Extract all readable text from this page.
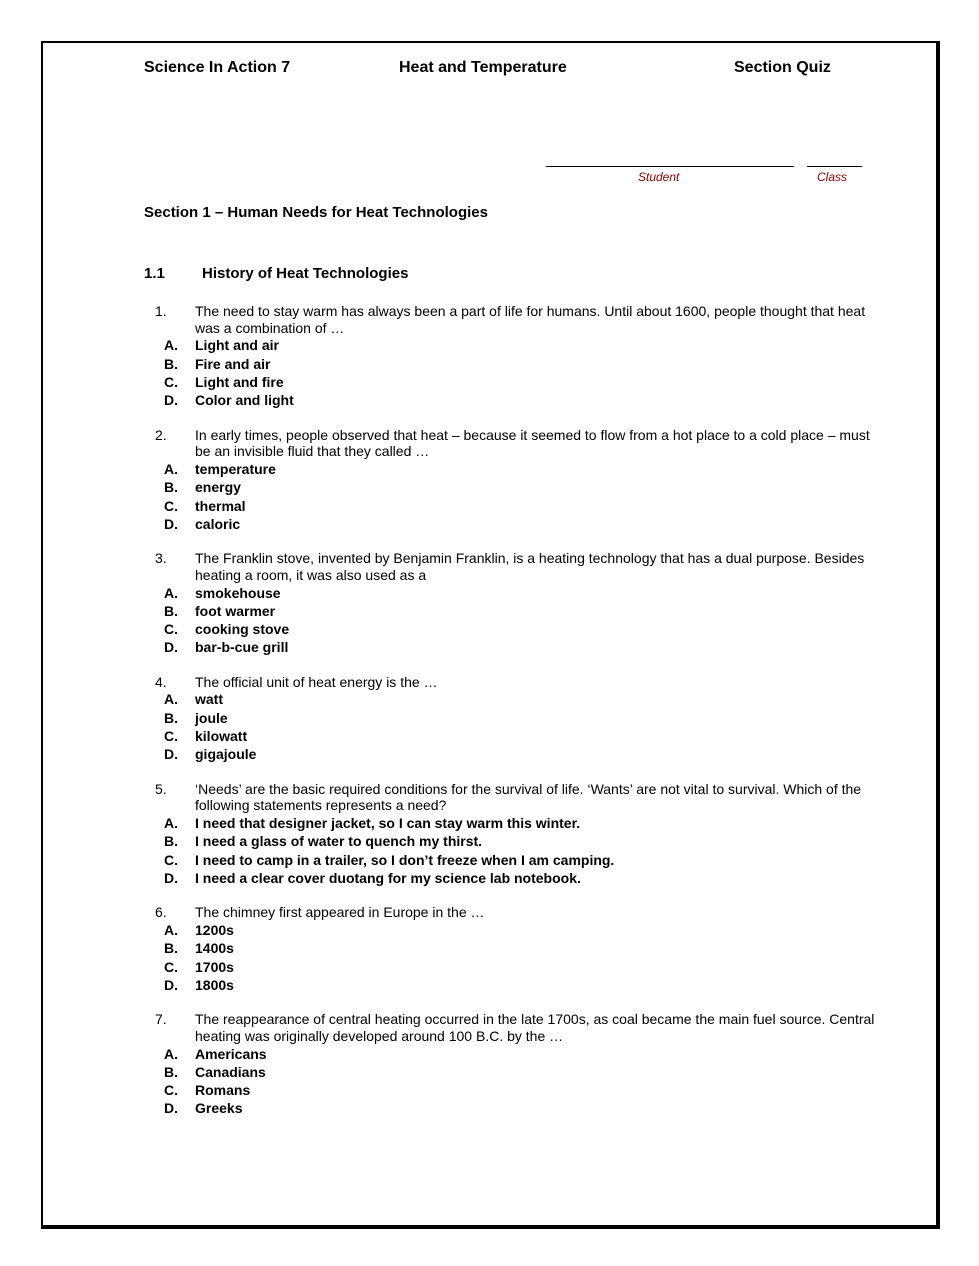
Science In Action 7	Heat and Temperature	Section Quiz
Student	Class
Section 1 – Human Needs for Heat Technologies
1.1 History of Heat Technologies
1. The need to stay warm has always been a part of life for humans. Until about 1600, people thought that heat was a combination of …
A. Light and air
B. Fire and air
C. Light and fire
D. Color and light
2. In early times, people observed that heat – because it seemed to flow from a hot place to a cold place – must be an invisible fluid that they called …
A. temperature
B. energy
C. thermal
D. caloric
3. The Franklin stove, invented by Benjamin Franklin, is a heating technology that has a dual purpose. Besides heating a room, it was also used as a
A. smokehouse
B. foot warmer
C. cooking stove
D. bar-b-cue grill
4. The official unit of heat energy is the …
A. watt
B. joule
C. kilowatt
D. gigajoule
5. ‘Needs’ are the basic required conditions for the survival of life. ‘Wants’ are not vital to survival. Which of the following statements represents a need?
A. I need that designer jacket, so I can stay warm this winter.
B. I need a glass of water to quench my thirst.
C. I need to camp in a trailer, so I don’t freeze when I am camping.
D. I need a clear cover duotang for my science lab notebook.
6. The chimney first appeared in Europe in the …
A. 1200s
B. 1400s
C. 1700s
D. 1800s
7. The reappearance of central heating occurred in the late 1700s, as coal became the main fuel source. Central heating was originally developed around 100 B.C. by the …
A. Americans
B. Canadians
C. Romans
D. Greeks
